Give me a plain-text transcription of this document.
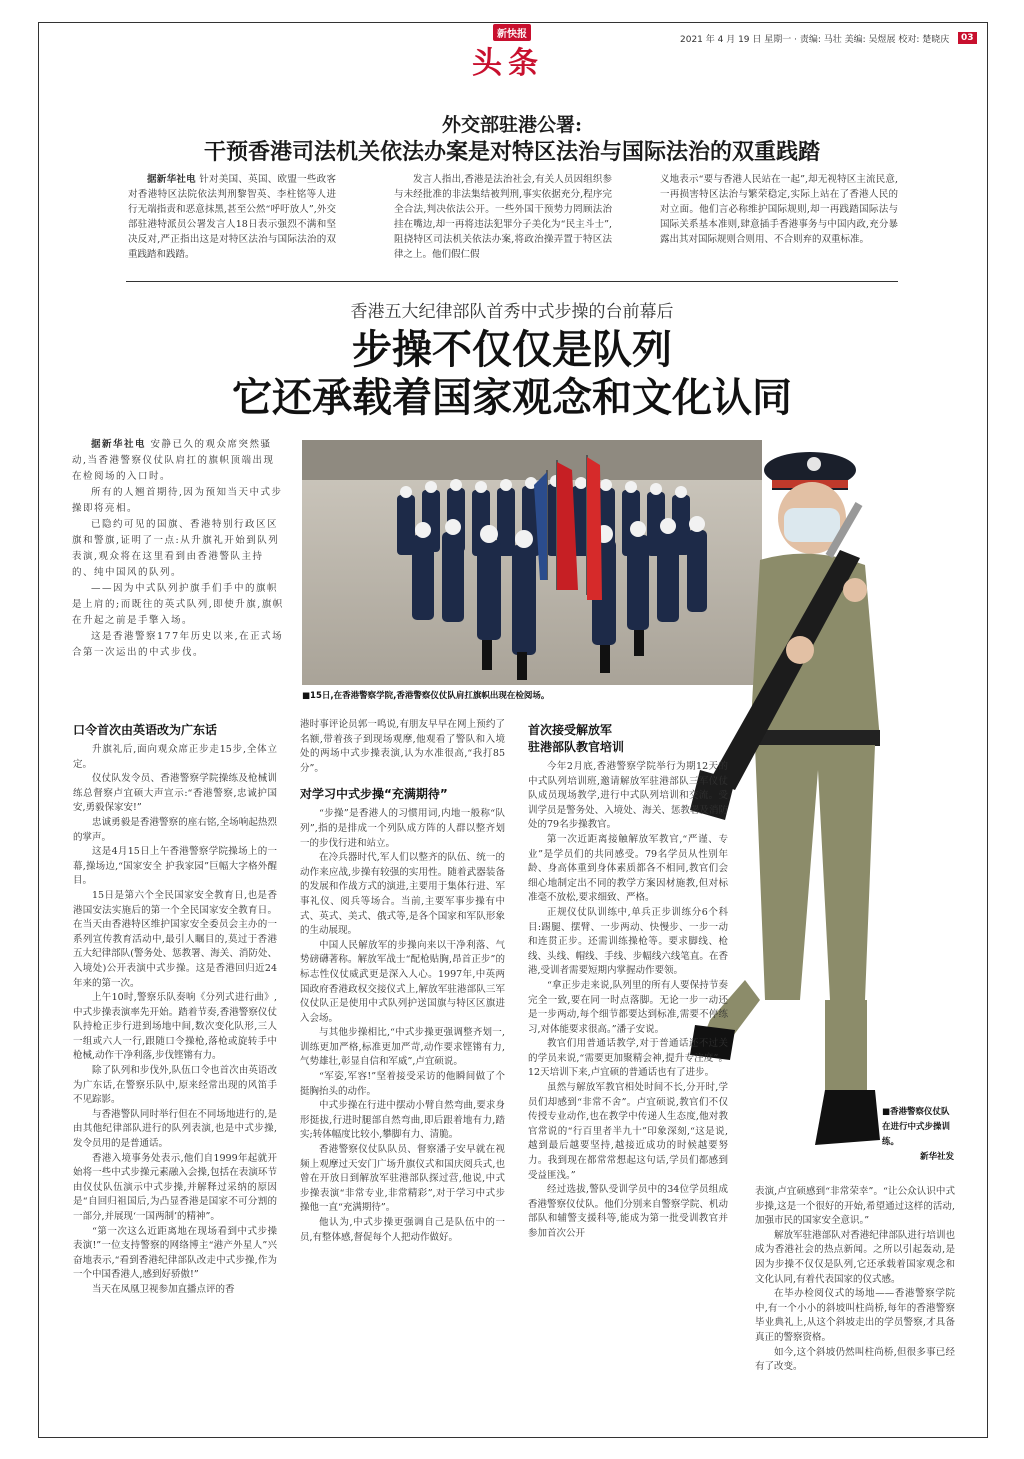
新快报
头条
2021 年 4 月 19 日 星期一 · 责编: 马壮 美编: 吴煜展 校对: 楚晓庆	03
外交部驻港公署:
干预香港司法机关依法办案是对特区法治与国际法治的双重践踏

据新华社电 针对美国、英国、欧盟一些政客对香港特区法院依法判刑黎智英、李柱铭等人进行无端指责和恶意抹黑,甚至公然“呼吁放人”,外交部驻港特派员公署发言人18日表示强烈不满和坚决反对,严正指出这是对特区法治与国际法治的双重践踏和践踏。

发言人指出,香港是法治社会,有关人员因组织参与未经批准的非法集结被判刑,事实依据充分,程序完全合法,判决依法公开。一些外国干预势力罔顾法治挂在嘴边,却一再将违法犯罪分子美化为“民主斗士”,阻挠特区司法机关依法办案,将政治操弄置于特区法律之上。他们假仁假

义地表示“要与香港人民站在一起”,却无视特区主流民意,一再损害特区法治与繁荣稳定,实际上站在了香港人民的对立面。他们言必称维护国际规则,却一再践踏国际法与国际关系基本准则,肆意插手香港事务与中国内政,充分暴露出其对国际规则合则用、不合则弃的双重标准。

香港五大纪律部队首秀中式步操的台前幕后
步操不仅仅是队列
它还承载着国家观念和文化认同

据新华社电 安静已久的观众席突然骚动,当香港警察仪仗队肩扛的旗帜顶端出现在检阅场的入口时。

所有的人翘首期待,因为预知当天中式步操即将亮相。

已隐约可见的国旗、香港特别行政区区旗和警旗,证明了一点:从升旗礼开始到队列表演,观众将在这里看到由香港警队主持的、纯中国风的队列。

——因为中式队列护旗手们手中的旗帜是上肩的;而既往的英式队列,即使升旗,旗帜在升起之前是手擎入场。

这是香港警察177年历史以来,在正式场合第一次运出的中式步伐。

■15日,在香港警察学院,香港警察仪仗队肩扛旗帜出现在检阅场。
口令首次由英语改为广东话

升旗礼后,面向观众席正步走15步,全体立定。

仪仗队发令员、香港警察学院操练及枪械训练总督察卢宜硕大声宣示:“香港警察,忠诚护国安,勇毅保家安!”

忠诚勇毅是香港警察的座右铭,全场响起热烈的掌声。

这是4月15日上午香港警察学院操场上的一幕,操场边,“国家安全 护我家园”巨幅大字格外醒目。

15日是第六个全民国家安全教育日,也是香港国安法实施后的第一个全民国家安全教育日。在当天由香港特区维护国家安全委员会主办的一系列宣传教育活动中,最引人瞩目的,莫过于香港五大纪律部队(警务处、惩教署、海关、消防处、入境处)公开表演中式步操。这是香港回归近24年来的第一次。

上午10时,警察乐队奏响《分列式进行曲》,中式步操表演率先开始。踏着节奏,香港警察仪仗队持枪正步行进到场地中间,数次变化队形,三人一组或六人一行,跟随口令操枪,落枪或旋转手中枪械,动作干净利落,步伐铿锵有力。

除了队列和步伐外,队伍口令也首次由英语改为广东话,在警察乐队中,原来经常出现的风笛手不见踪影。

与香港警队同时举行但在不同场地进行的,是由其他纪律部队进行的队列表演,也是中式步操,发令员用的是普通话。

香港入境事务处表示,他们自1999年起就开始将一些中式步操元素融入会操,包括在表演环节由仪仗队伍演示中式步操,并解释过采纳的原因是“自回归祖国后,为凸显香港是国家不可分割的一部分,并展现‘一国两制’的精神”。

“第一次这么近距离地在现场看到中式步操表演!”一位支持警察的网络博主“港产外星人”兴奋地表示,“看到香港纪律部队改走中式步操,作为一个中国香港人,感到好骄傲!”

当天在凤凰卫视参加直播点评的香

港时事评论员郭一鸣说,有朋友早早在网上预约了名额,带着孩子到现场观摩,他观看了警队和入境处的两场中式步操表演,认为水准很高,“我打85分”。

对学习中式步操“充满期待”

“步操”是香港人的习惯用词,内地一般称“队列”,指的是排成一个列队成方阵的人群以整齐划一的步伐行进和站立。

在冷兵器时代,军人们以整齐的队伍、统一的动作来应战,步操有较强的实用性。随着武器装备的发展和作战方式的演进,主要用于集体行进、军事礼仪、阅兵等场合。当前,主要军事步操有中式、英式、美式、俄式等,是各个国家和军队形象的生动展现。

中国人民解放军的步操向来以干净利落、气势磅礴著称。解放军战士“配枪贴胸,昂首正步”的标志性仪仗威武更是深入人心。1997年,中英两国政府香港政权交接仪式上,解放军驻港部队三军仪仗队正是使用中式队列护送国旗与特区区旗进入会场。

与其他步操相比,“中式步操更强调整齐划一,训练更加严格,标准更加严苛,动作要求铿锵有力,气势雄壮,彰显自信和军威”,卢宜硕说。

“军姿,军容!”坚着接受采访的他瞬间做了个挺胸抬头的动作。

中式步操在行进中摆动小臂自然弯曲,要求身形挺拔,行进时腿部自然弯曲,即后跟着地有力,踏实;转体幅度比较小,攀脚有力、清脆。

香港警察仪仗队队员、督察潘子安早就在视频上观摩过天安门广场升旗仪式和国庆阅兵式,也曾在开放日到解放军驻港部队探过营,他说,中式步操表演“非常专业,非常精彩”,对于学习中式步操他一直“充满期待”。

他认为,中式步操更强调自己是队伍中的一员,有整体感,督促每个人把动作做好。

首次接受解放军
驻港部队教官培训

今年2月底,香港警察学院举行为期12天的中式队列培训班,邀请解放军驻港部队三军仪仗队成员现场教学,进行中式队列培训和交流。受训学员是警务处、入境处、海关、惩教署及消防处的79名步操教官。

第一次近距离接触解放军教官,“严谨、专业”是学员们的共同感受。79名学员从性别年龄、身高体重到身体素质都各不相同,教官们会细心地制定出不同的教学方案因材施教,但对标准毫不放松,要求细致、严格。

正规仪仗队训练中,单兵正步训练分6个科目:踢腿、摆臂、一步两动、快慢步、一步一动和连贯正步。还需训练操枪等。要求脚线、枪线、头线、帽线、手线、步幅线六线笔直。在香港,受训者需要短期内掌握动作要领。

“拿正步走来说,队列里的所有人要保持节奏完全一致,要在同一时点落脚。无论一步一动还是一步两动,每个细节都要达到标准,需要不停练习,对体能要求很高。”潘子安说。

教官们用普通话教学,对于普通话还不过关的学员来说,“需要更加聚精会神,提升专注度”。12天培训下来,卢宜硕的普通话也有了进步。

虽然与解放军教官相处时间不长,分开时,学员们却感到“非常不舍”。卢宜硕说,教官们不仅传授专业动作,也在教学中传递人生态度,他对教官常说的“行百里者半九十”印象深刻,“这是说,越到最后越要坚持,越接近成功的时候越要努力。我到现在都常常想起这句话,学员们都感到受益匪浅。”

经过选拔,警队受训学员中的34位学员组成香港警察仪仗队。他们分别来自警察学院、机动部队和辅警支援科等,能成为第一批受训教官并参加首次公开

表演,卢宜硕感到“非常荣幸”。“让公众认识中式步操,这是一个很好的开始,希望通过这样的活动,加强市民的国家安全意识。”

解放军驻港部队对香港纪律部队进行培训也成为香港社会的热点新闻。之所以引起轰动,是因为步操不仅仅是队列,它还承载着国家观念和文化认同,有着代表国家的仪式感。

在毕办检阅仪式的场地——香港警察学院中,有一个小小的斜坡叫柱尚桥,每年的香港警察毕业典礼上,从这个斜坡走出的学员警察,才具备真正的警察资格。

如今,这个斜坡仍然叫柱尚桥,但很多事已经有了改变。

■香港警察仪仗队在进行中式步操训练。
新华社发
